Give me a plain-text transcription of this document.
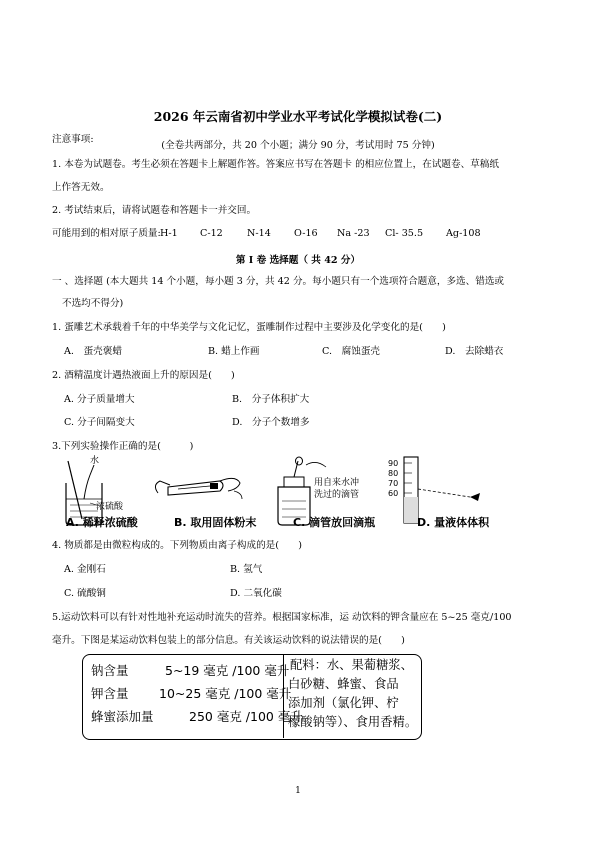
2026 年云南省初中学业水平考试化学模拟试卷(二)
(全卷共两部分，共 20 个小题；满分 90 分，考试用时 75 分钟)
注意事项:
1. 本卷为试题卷。考生必须在答题卡上解题作答。答案应书写在答题卡 的相应位置上，在试题卷、草稿纸
上作答无效。
2. 考试结束后，请将试题卷和答题卡一并交回。
可能用到的相对原子质量: H-1 C-12	N-14 O-16 Na -23 Cl- 35.5 Ag-108
第 I 卷 选择题（ 共 42 分）
一 、选择题 (本大题共 14 个小题，每小题 3 分，共 42 分。每小题只有一个选项符合题意，多选、错选或
不选均不得分)
1. 蛋雕艺术承载着千年的中华美学与文化记忆，蛋雕制作过程中主要涉及化学变化的是(　　)
A.　蛋壳褒蜡	B. 蜡上作画	C.　腐蚀蛋壳	D.　去除蜡衣
2. 酒精温度计遇热液面上升的原因是(　　)
A. 分子质量增大	B.　分子体积扩大
C. 分子间隔变大	D.　分子个数增多
3.下列实验操作正确的是(　　　)
水
浓硫酸
用自来水冲
洗过的滴管
90
80
70
60
A. 稀释浓硫酸	B. 取用固体粉末	C. 滴管放回滴瓶	D. 量液体体积
4. 物质都是由微粒构成的。下列物质由离子构成的是(　　)
A. 金刚石	B. 氢气
C. 硫酸铜	D. 二氧化碳
5.运动饮料可以有针对性地补充运动时流失的营养。根据国家标准，运 动饮料的钾含量应在 5~25 毫克/100
毫升。下图是某运动饮料包装上的部分信息。有关该运动饮料的说法错误的是(　　)
钠含量	5~19 毫克 /100 毫升
钾含量 10~25 毫克 /100 毫升
蜂蜜添加量	250 毫克 /100 毫升
配料：水、果葡糖浆、
白砂糖、蜂蜜、食品
添加剂（氯化钾、柠
檬酸钠等）、食用香精。
1
